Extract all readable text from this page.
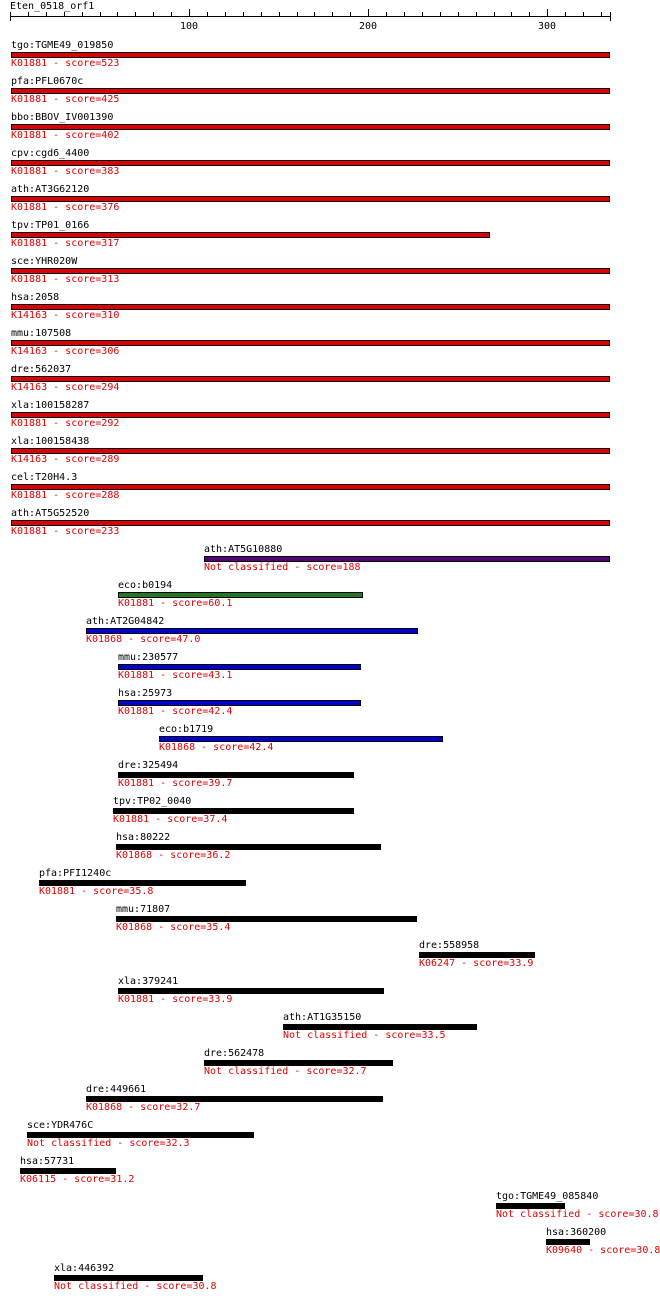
Eten_0518_orf1
100	200	300
tgo:TGME49_019850
K01881 - score=523
pfa:PFL0670c
K01881 - score=425
bbo:BBOV_IV001390
K01881 - score=402
cpv:cgd6_4400
K01881 - score=383
ath:AT3G62120
K01881 - score=376
tpv:TP01_0166
K01881 - score=317
sce:YHR020W
K01881 - score=313
hsa:2058
K14163 - score=310
mmu:107508
K14163 - score=306
dre:562037
K14163 - score=294
xla:100158287
K01881 - score=292
xla:100158438
K14163 - score=289
cel:T20H4.3
K01881 - score=288
ath:AT5G52520
K01881 - score=233
ath:AT5G10880
Not classified - score=188
eco:b0194
K01881 - score=60.1
ath:AT2G04842
K01868 - score=47.0
mmu:230577
K01881 - score=43.1
hsa:25973
K01881 - score=42.4
eco:b1719
K01868 - score=42.4
dre:325494
K01881 - score=39.7
tpv:TP02_0040
K01881 - score=37.4
hsa:80222
K01868 - score=36.2
pfa:PFI1240c
K01881 - score=35.8
mmu:71807
K01868 - score=35.4
dre:558958
K06247 - score=33.9
xla:379241
K01881 - score=33.9
ath:AT1G35150
Not classified - score=33.5
dre:562478
Not classified - score=32.7
dre:449661
K01868 - score=32.7
sce:YDR476C
Not classified - score=32.3
hsa:57731
K06115 - score=31.2
tgo:TGME49_085840
Not classified - score=30.8
hsa:360200
K09640 - score=30.8
xla:446392
Not classified - score=30.8
